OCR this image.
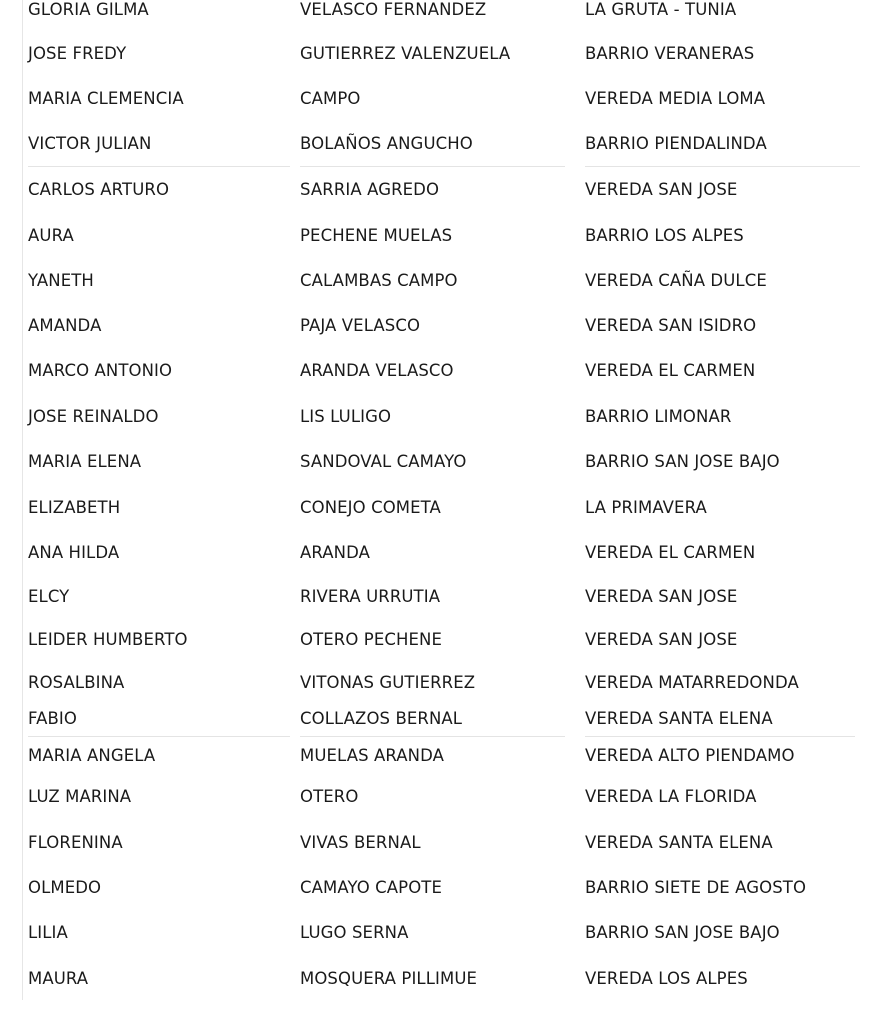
GLORIA GILMA	VELASCO FERNANDEZ	LA GRUTA - TUNIA
JOSE FREDY	GUTIERREZ VALENZUELA	BARRIO VERANERAS
MARIA CLEMENCIA	CAMPO	VEREDA MEDIA LOMA
VICTOR JULIAN	BOLAÑOS ANGUCHO	BARRIO PIENDALINDA
CARLOS ARTURO	SARRIA AGREDO	VEREDA SAN JOSE
AURA	PECHENE MUELAS	BARRIO LOS ALPES
YANETH	CALAMBAS CAMPO	VEREDA CAÑA DULCE
AMANDA	PAJA VELASCO	VEREDA SAN ISIDRO
MARCO ANTONIO	ARANDA VELASCO	VEREDA EL CARMEN
JOSE REINALDO	LIS LULIGO	BARRIO LIMONAR
MARIA ELENA	SANDOVAL CAMAYO	BARRIO SAN JOSE BAJO
ELIZABETH	CONEJO COMETA	LA PRIMAVERA
ANA HILDA	ARANDA	VEREDA EL CARMEN
ELCY	RIVERA URRUTIA	VEREDA SAN JOSE
LEIDER HUMBERTO	OTERO PECHENE	VEREDA SAN JOSE
ROSALBINA	VITONAS GUTIERREZ	VEREDA MATARREDONDA
FABIO	COLLAZOS BERNAL	VEREDA SANTA ELENA
MARIA ANGELA	MUELAS ARANDA	VEREDA ALTO PIENDAMO
LUZ MARINA	OTERO	VEREDA LA FLORIDA
FLORENINA	VIVAS BERNAL	VEREDA SANTA ELENA
OLMEDO	CAMAYO CAPOTE	BARRIO SIETE DE AGOSTO
LILIA	LUGO SERNA	BARRIO SAN JOSE BAJO
MAURA	MOSQUERA PILLIMUE	VEREDA LOS ALPES
